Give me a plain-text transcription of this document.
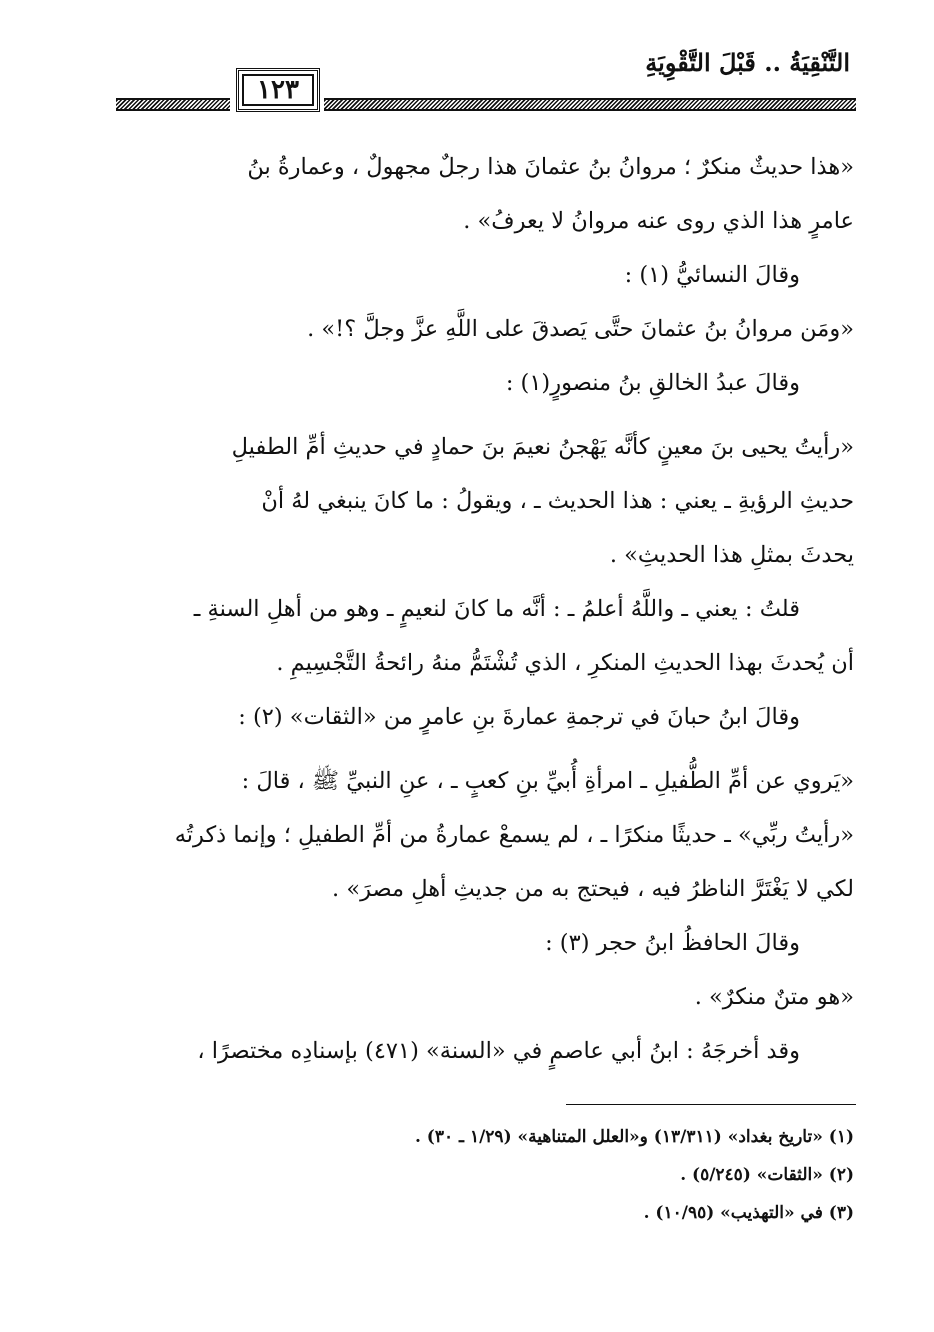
التَّنْقِيَةُ .. قَبْلَ التَّقْوِيَةِ
١٢٣
«هذا حديثٌ منكرٌ ؛ مروانُ بنُ عثمانَ هذا رجلٌ مجهولٌ ، وعمارةُ بنُ
عامرٍ هذا الذي روى عنه مروانُ لا يعرفُ» .
وقالَ النسائيُّ (١) :
«ومَن مروانُ بنُ عثمانَ حتَّى يَصدقَ على اللَّهِ عزَّ وجلَّ ؟!» .
وقالَ عبدُ الخالقِ بنُ منصورٍ(١) :
«رأيتُ يحيى بنَ معينٍ كأنَّه يَهْجنُ نعيمَ بنَ حمادٍ في حديثِ أمِّ الطفيلِ
حديثِ الرؤيةِ ـ يعني : هذا الحديث ـ ، ويقولُ : ما كانَ ينبغي لهُ أنْ
يحدثَ بمثلِ هذا الحديثِ» .
قلتُ : يعني ـ واللَّهُ أعلمُ ـ : أنَّه ما كانَ لنعيمٍ ـ وهو من أهلِ السنةِ ـ
أن يُحدثَ بهذا الحديثِ المنكرِ ، الذي تُشْتَمُّ منهُ رائحةُ التَّجْسِيمِ .
وقالَ ابنُ حبانَ في ترجمةِ عمارةَ بنِ عامرٍ من «الثقات» (٢) :
«يَروي عن أمِّ الطُّفيلِ ـ امرأةِ أُبيِّ بنِ كعبٍ ـ ، عنِ النبيِّ ﷺ ، قالَ :
«رأيتُ ربِّي» ـ حديثًا منكرًا ـ ، لم يسمعْ عمارةُ من أمِّ الطفيلِ ؛ وإنما ذكرتُه
لكي لا يَغْتَرَّ الناظرُ فيه ، فيحتج به من جديثِ أهلِ مصرَ» .
وقالَ الحافظُ ابنُ حجر (٣) :
«هو متنٌ منكرٌ» .
وقد أخرجَهُ : ابنُ أبي عاصمٍ في «السنة» (٤٧١) بإسنادِه مختصرًا ،
(١) «تاريخ بغداد» (١٣/٣١١) و«العلل المتناهية» (١/٢٩ ـ ٣٠) .
(٢) «الثقات» (٥/٢٤٥) .
(٣) في «التهذيب» (١٠/٩٥) .
